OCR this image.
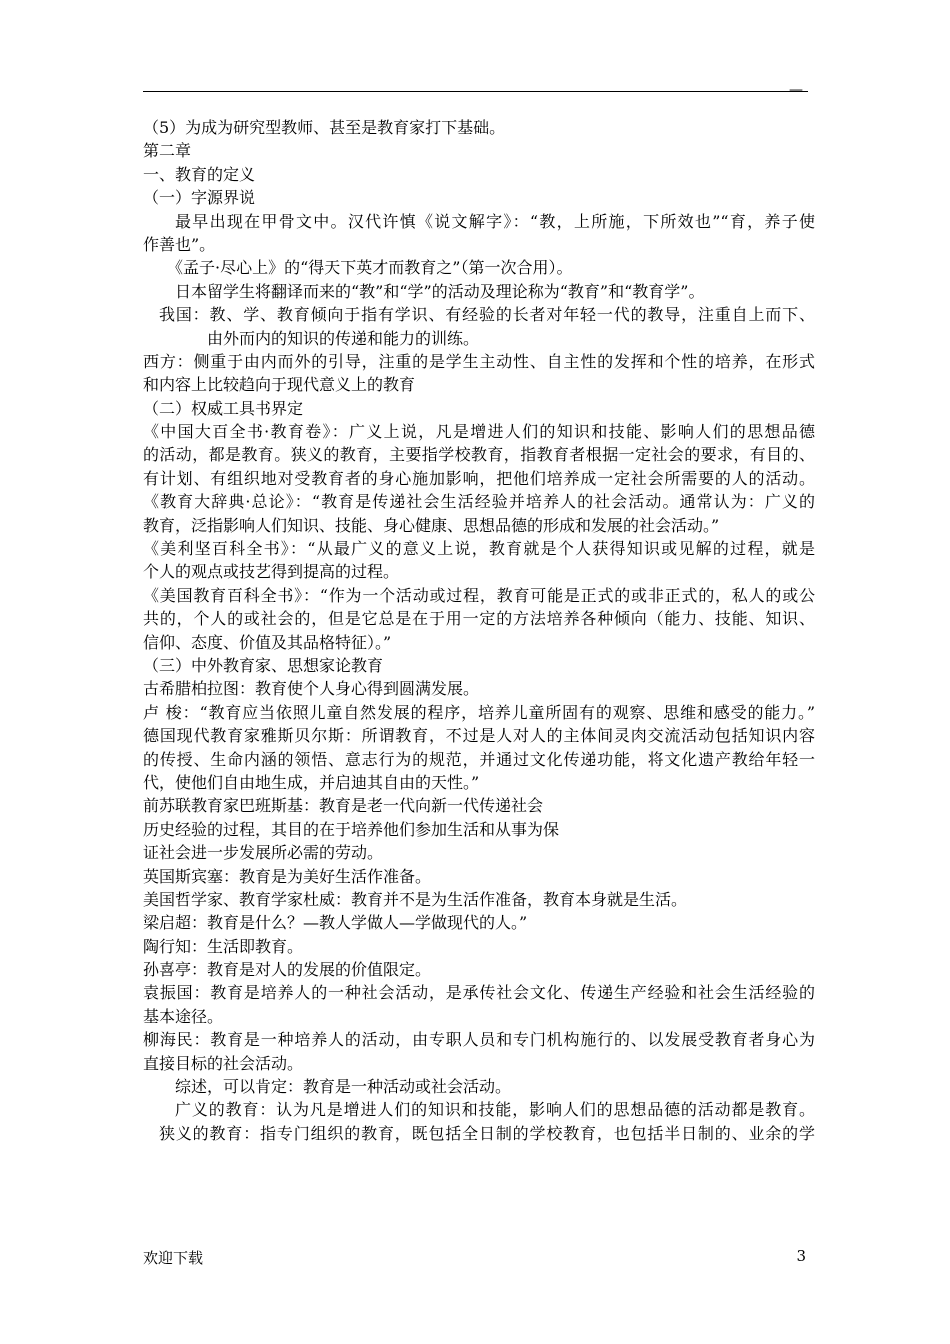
—
（5）为成为研究型教师、甚至是教育家打下基础。
第二章
一、教育的定义
（一）字源界说
最早出现在甲骨文中。汉代许慎《说文解字》：“教，上所施，下所效也”“育，养子使
作善也”。
《孟子·尽心上》的“得天下英才而教育之”（第一次合用）。
日本留学生将翻译而来的“教”和“学”的活动及理论称为“教育”和“教育学”。
我国：教、学、教育倾向于指有学识、有经验的长者对年轻一代的教导，注重自上而下、
由外而内的知识的传递和能力的训练。
西方：侧重于由内而外的引导，注重的是学生主动性、自主性的发挥和个性的培养，在形式
和内容上比较趋向于现代意义上的教育
（二）权威工具书界定
《中国大百全书·教育卷》：广义上说，凡是增进人们的知识和技能、影响人们的思想品德
的活动，都是教育。狭义的教育，主要指学校教育，指教育者根据一定社会的要求，有目的、
有计划、有组织地对受教育者的身心施加影响，把他们培养成一定社会所需要的人的活动。
《教育大辞典·总论》：“教育是传递社会生活经验并培养人的社会活动。通常认为：广义的
教育，泛指影响人们知识、技能、身心健康、思想品德的形成和发展的社会活动。”
《美利坚百科全书》：“从最广义的意义上说，教育就是个人获得知识或见解的过程，就是
个人的观点或技艺得到提高的过程。
《美国教育百科全书》：“作为一个活动或过程，教育可能是正式的或非正式的，私人的或公
共的，个人的或社会的，但是它总是在于用一定的方法培养各种倾向（能力、技能、知识、
信仰、态度、价值及其品格特征）。”
（三）中外教育家、思想家论教育
古希腊柏拉图：教育使个人身心得到圆满发展。
卢 梭：“教育应当依照儿童自然发展的程序，培养儿童所固有的观察、思维和感受的能力。”
德国现代教育家雅斯贝尔斯：所谓教育，不过是人对人的主体间灵肉交流活动包括知识内容
的传授、生命内涵的领悟、意志行为的规范，并通过文化传递功能，将文化遗产教给年轻一
代，使他们自由地生成，并启迪其自由的天性。”
前苏联教育家巴班斯基：教育是老一代向新一代传递社会
历史经验的过程，其目的在于培养他们参加生活和从事为保
证社会进一步发展所必需的劳动。
英国斯宾塞：教育是为美好生活作准备。
美国哲学家、教育学家杜威：教育并不是为生活作准备，教育本身就是生活。
梁启超：教育是什么？—教人学做人—学做现代的人。”
陶行知：生活即教育。
孙喜亭：教育是对人的发展的价值限定。
袁振国：教育是培养人的一种社会活动，是承传社会文化、传递生产经验和社会生活经验的
基本途径。
柳海民：教育是一种培养人的活动，由专职人员和专门机构施行的、以发展受教育者身心为
直接目标的社会活动。
综述，可以肯定：教育是一种活动或社会活动。
广义的教育：认为凡是增进人们的知识和技能，影响人们的思想品德的活动都是教育。
狭义的教育：指专门组织的教育，既包括全日制的学校教育，也包括半日制的、业余的学
欢迎下载	3
